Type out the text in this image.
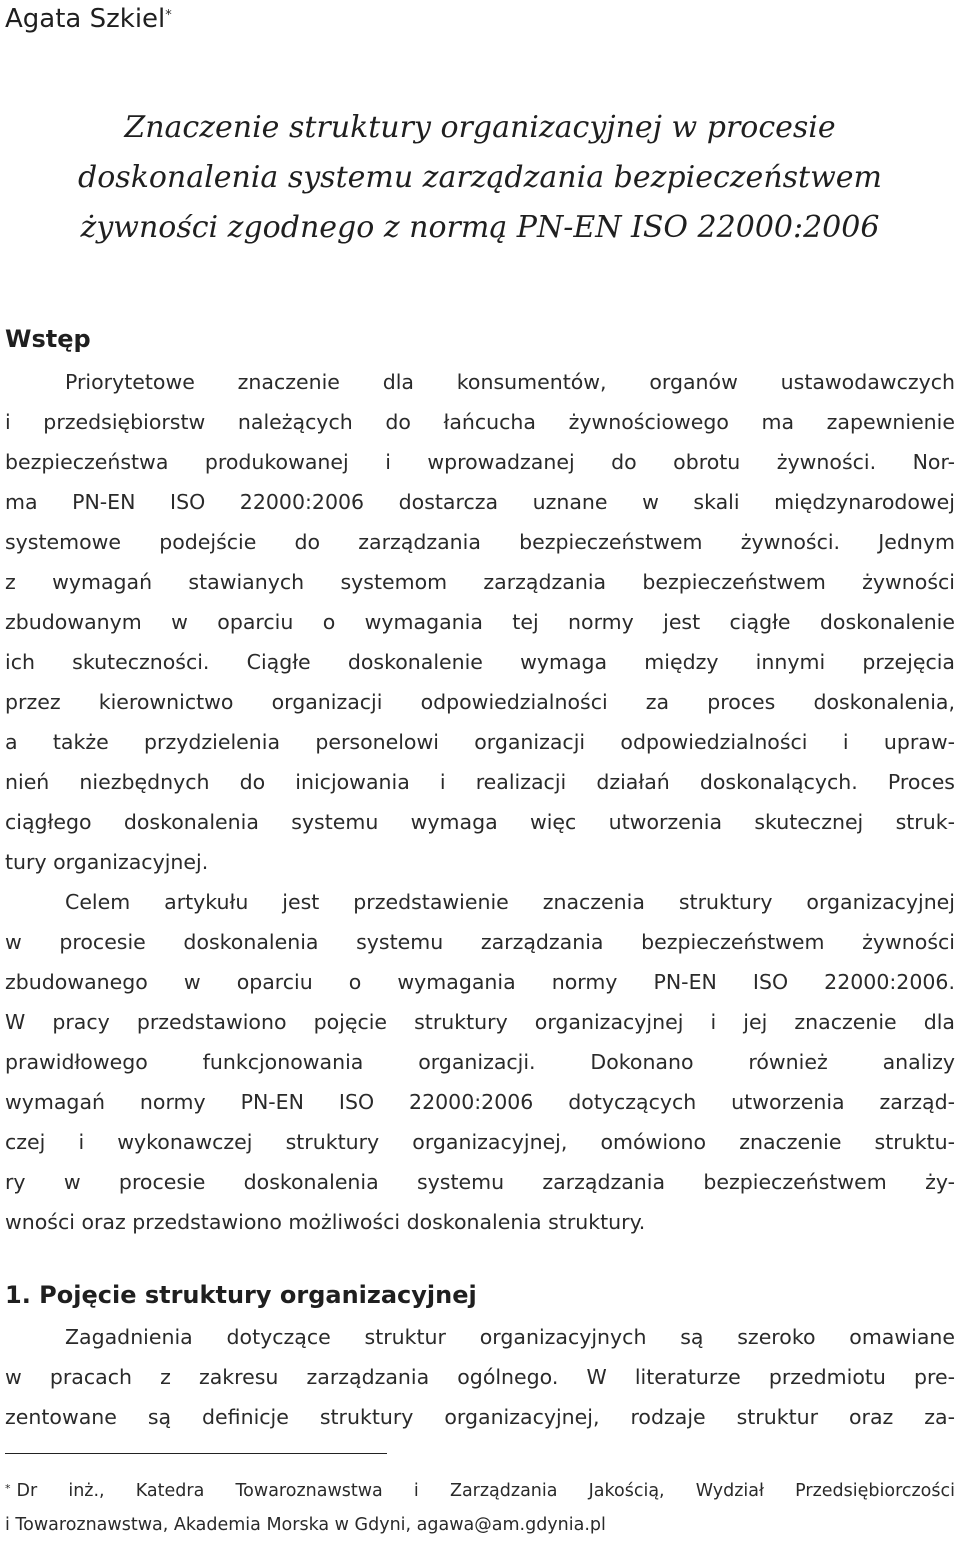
Agata Szkiel*
Znaczenie struktury organizacyjnej w procesie
doskonalenia systemu zarządzania bezpieczeństwem
żywności zgodnego z normą PN-EN ISO 22000:2006
Wstęp
Priorytetowe znaczenie dla konsumentów, organów ustawodawczych
i przedsiębiorstw należących do łańcucha żywnościowego ma zapewnienie
bezpieczeństwa produkowanej i wprowadzanej do obrotu żywności. Nor-
ma PN-EN ISO 22000:2006 dostarcza uznane w skali międzynarodowej
systemowe podejście do zarządzania bezpieczeństwem żywności. Jednym
z wymagań stawianych systemom zarządzania bezpieczeństwem żywności
zbudowanym w oparciu o wymagania tej normy jest ciągłe doskonalenie
ich skuteczności. Ciągłe doskonalenie wymaga między innymi przejęcia
przez kierownictwo organizacji odpowiedzialności za proces doskonalenia,
a także przydzielenia personelowi organizacji odpowiedzialności i upraw-
nień niezbędnych do inicjowania i realizacji działań doskonalących. Proces
ciągłego doskonalenia systemu wymaga więc utworzenia skutecznej struk-
tury organizacyjnej.
Celem artykułu jest przedstawienie znaczenia struktury organizacyjnej
w procesie doskonalenia systemu zarządzania bezpieczeństwem żywności
zbudowanego w oparciu o wymagania normy PN-EN ISO 22000:2006.
W pracy przedstawiono pojęcie struktury organizacyjnej i jej znaczenie dla
prawidłowego funkcjonowania organizacji. Dokonano również analizy
wymagań normy PN-EN ISO 22000:2006 dotyczących utworzenia zarząd-
czej i wykonawczej struktury organizacyjnej, omówiono znaczenie struktu-
ry w procesie doskonalenia systemu zarządzania bezpieczeństwem ży-
wności oraz przedstawiono możliwości doskonalenia struktury.
1. Pojęcie struktury organizacyjnej
Zagadnienia dotyczące struktur organizacyjnych są szeroko omawiane
w pracach z zakresu zarządzania ogólnego. W literaturze przedmiotu pre-
zentowane są definicje struktury organizacyjnej, rodzaje struktur oraz za-
* Dr inż., Katedra Towaroznawstwa i Zarządzania Jakością, Wydział Przedsiębiorczości
i Towaroznawstwa, Akademia Morska w Gdyni, agawa@am.gdynia.pl
